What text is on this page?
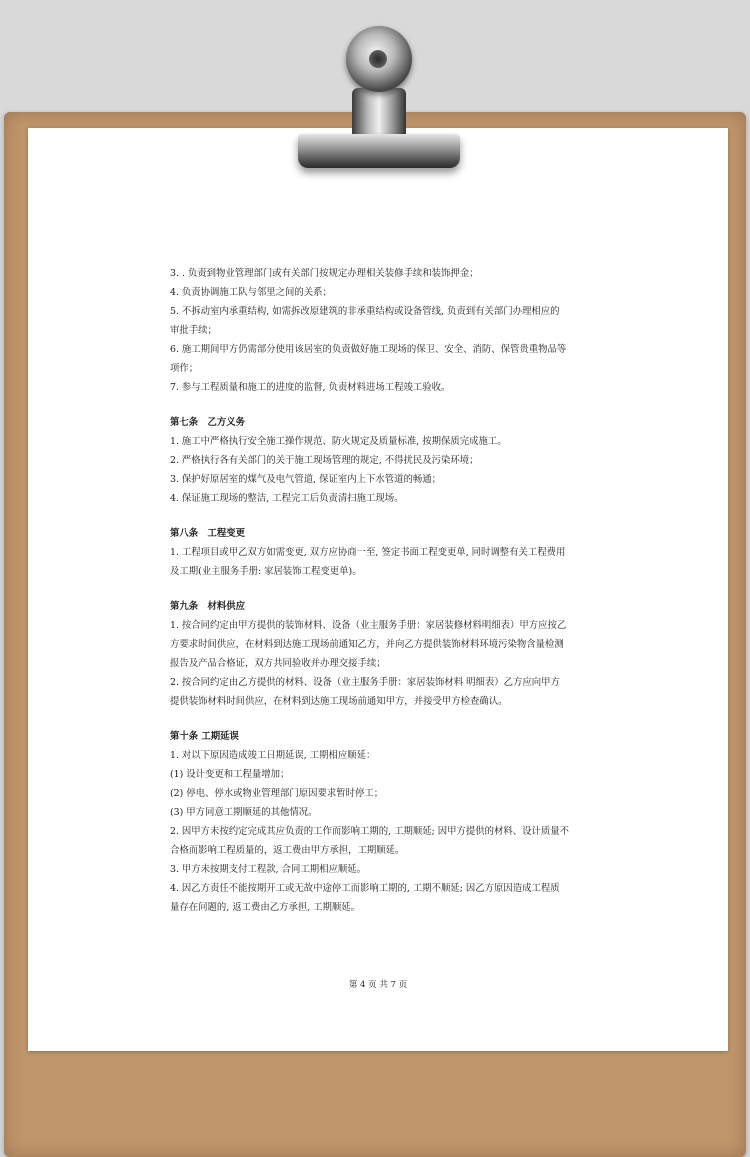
3. . 负责到物业管理部门或有关部门按规定办理相关装修手续和装饰押金；
4. 负责协调施工队与邻里之间的关系；
5. 不拆动室内承重结构, 如需拆改原建筑的非承重结构或设备管线, 负责到有关部门办理相应的
审批手续；
6. 施工期间甲方仍需部分使用该居室的负责做好施工现场的保卫、安全、消防、保管贵重物品等
项作；
7. 参与工程质量和施工的进度的监督, 负责材料进场工程竣工验收。
第七条　乙方义务
1. 施工中严格执行安全施工操作规范、防火规定及质量标准, 按期保质完成施工。
2. 严格执行各有关部门的关于施工现场管理的规定, 不得扰民及污染环境；
3. 保护好原居室的煤气及电气管道, 保证室内上下水管道的畅通；
4. 保证施工现场的整洁, 工程完工后负责清扫施工现场。
第八条　工程变更
1. 工程项目或甲乙双方如需变更, 双方应协商一至, 签定书面工程变更单, 同时调整有关工程费用
及工期(业主服务手册: 家居装饰工程变更单)。
第九条　材料供应
1. 按合同约定由甲方提供的装饰材料、设备（业主服务手册：家居装修材料明细表）甲方应按乙
方要求时间供应，在材料到达施工现场前通知乙方，并向乙方提供装饰材料环境污染物含量检测
报告及产品合格证，双方共同验收并办理交接手续；
2. 按合同约定由乙方提供的材料、设备（业主服务手册：家居装饰材料 明细表）乙方应向甲方
提供装饰材料时间供应，在材料到达施工现场前通知甲方，并接受甲方检查确认。
第十条 工期延误
1. 对以下原因造成竣工日期延误, 工期相应顺延：
(1) 设计变更和工程量增加；
(2) 停电、停水或物业管理部门原因要求暂时停工；
(3) 甲方同意工期顺延的其他情况。
2. 因甲方未按约定完成其应负责的工作而影响工期的, 工期顺延; 因甲方提供的材料、设计质量不
合格而影响工程质量的，返工费由甲方承担，工期顺延。
3. 甲方未按期支付工程款, 合同工期相应顺延。
4. 因乙方责任不能按期开工或无故中途停工而影响工期的, 工期不顺延; 因乙方原因造成工程质
量存在问题的, 返工费由乙方承担, 工期顺延。
第 4 页 共 7 页
